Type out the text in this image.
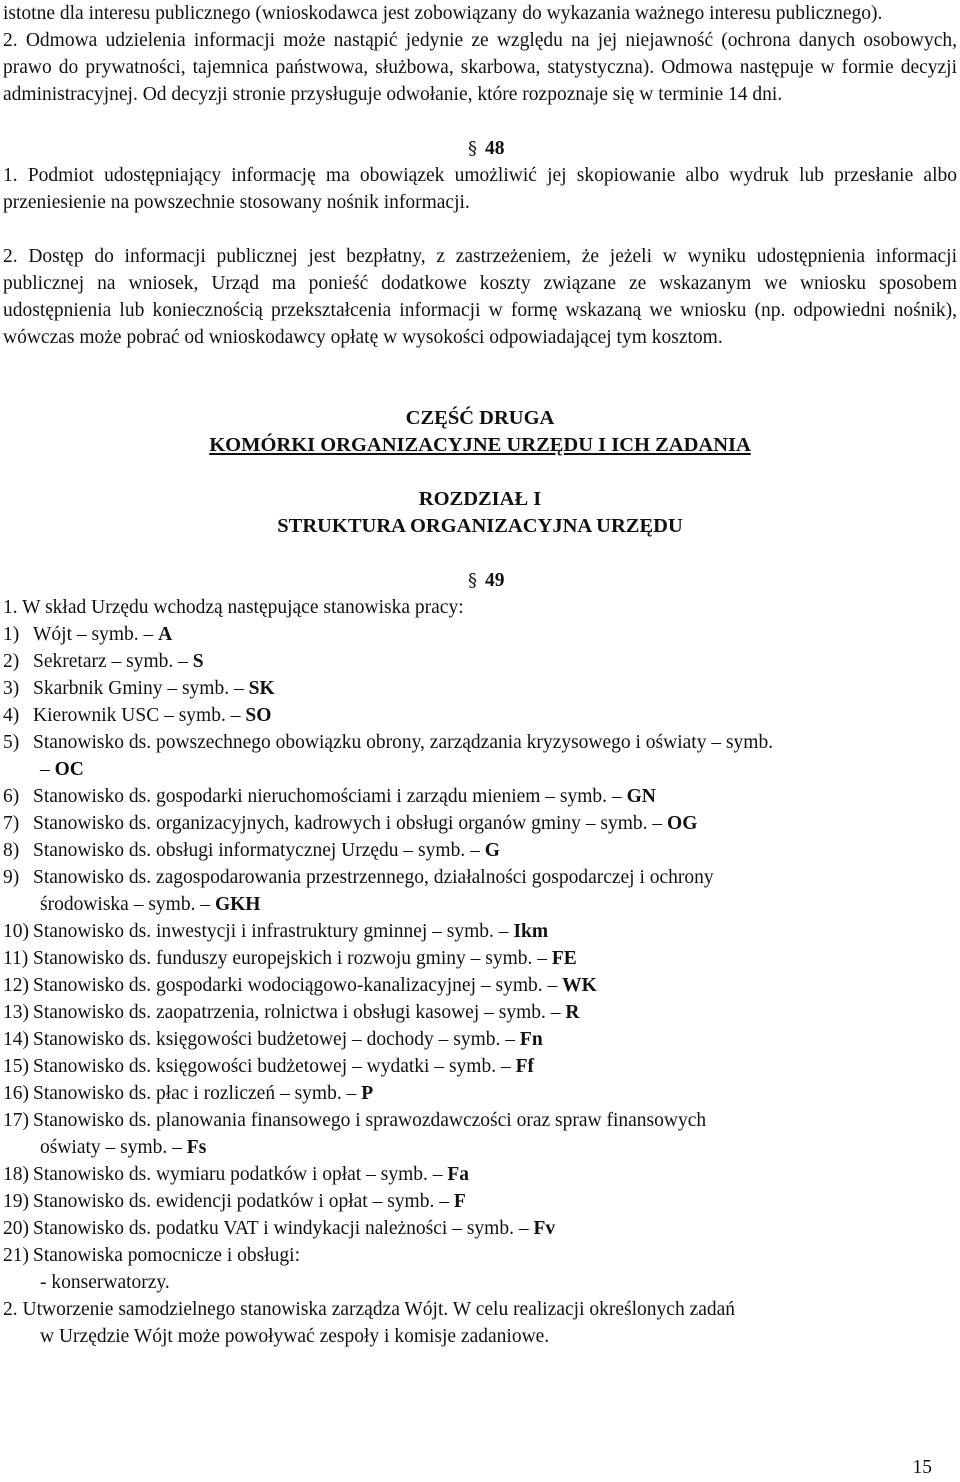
istotne dla interesu publicznego (wnioskodawca jest zobowiązany do wykazania ważnego interesu publicznego).

2. Odmowa udzielenia informacji może nastąpić jedynie ze względu na jej niejawność (ochrona danych osobowych, prawo do prywatności, tajemnica państwowa, służbowa, skarbowa, statystyczna). Odmowa następuje w formie decyzji administracyjnej. Od decyzji stronie przysługuje odwołanie, które rozpoznaje się w terminie 14 dni.

§ 48

1. Podmiot udostępniający informację ma obowiązek umożliwić jej skopiowanie albo wydruk lub przesłanie albo przeniesienie na powszechnie stosowany nośnik informacji.

2. Dostęp do informacji publicznej jest bezpłatny, z zastrzeżeniem, że jeżeli w wyniku udostępnienia informacji publicznej na wniosek, Urząd ma ponieść dodatkowe koszty związane ze wskazanym we wniosku sposobem udostępnienia lub koniecznością przekształcenia informacji w formę wskazaną we wniosku (np. odpowiedni nośnik), wówczas może pobrać od wnioskodawcy opłatę w wysokości odpowiadającej tym kosztom.

CZĘŚĆ DRUGA
KOMÓRKI ORGANIZACYJNE URZĘDU I ICH ZADANIA
ROZDZIAŁ I
STRUKTURA ORGANIZACYJNA URZĘDU
§ 49

1. W skład Urzędu wchodzą następujące stanowiska pracy:

1) Wójt – symb. – A
2) Sekretarz – symb. – S
3) Skarbnik Gminy – symb. – SK
4) Kierownik USC – symb. – SO
5) Stanowisko ds. powszechnego obowiązku obrony, zarządzania kryzysowego i oświaty – symb.
– OC
6) Stanowisko ds. gospodarki nieruchomościami i zarządu mieniem – symb. – GN
7) Stanowisko ds. organizacyjnych, kadrowych i obsługi organów gminy – symb. – OG
8) Stanowisko ds. obsługi informatycznej Urzędu – symb. – G
9) Stanowisko ds. zagospodarowania przestrzennego, działalności gospodarczej i ochrony
środowiska – symb. – GKH
10) Stanowisko ds. inwestycji i infrastruktury gminnej – symb. – Ikm
11) Stanowisko ds. funduszy europejskich i rozwoju gminy – symb. – FE
12) Stanowisko ds. gospodarki wodociągowo-kanalizacyjnej – symb. – WK
13) Stanowisko ds. zaopatrzenia, rolnictwa i obsługi kasowej – symb. – R
14) Stanowisko ds. księgowości budżetowej – dochody – symb. – Fn
15) Stanowisko ds. księgowości budżetowej – wydatki – symb. – Ff
16) Stanowisko ds. płac i rozliczeń – symb. – P
17) Stanowisko ds. planowania finansowego i sprawozdawczości oraz spraw finansowych
oświaty – symb. – Fs
18) Stanowisko ds. wymiaru podatków i opłat – symb. – Fa
19) Stanowisko ds. ewidencji podatków i opłat – symb. – F
20) Stanowisko ds. podatku VAT i windykacji należności – symb. – Fv
21) Stanowiska pomocnicze i obsługi:
- konserwatorzy.

2. Utworzenie samodzielnego stanowiska zarządza Wójt. W celu realizacji określonych zadań

w Urzędzie Wójt może powoływać zespoły i komisje zadaniowe.

15
